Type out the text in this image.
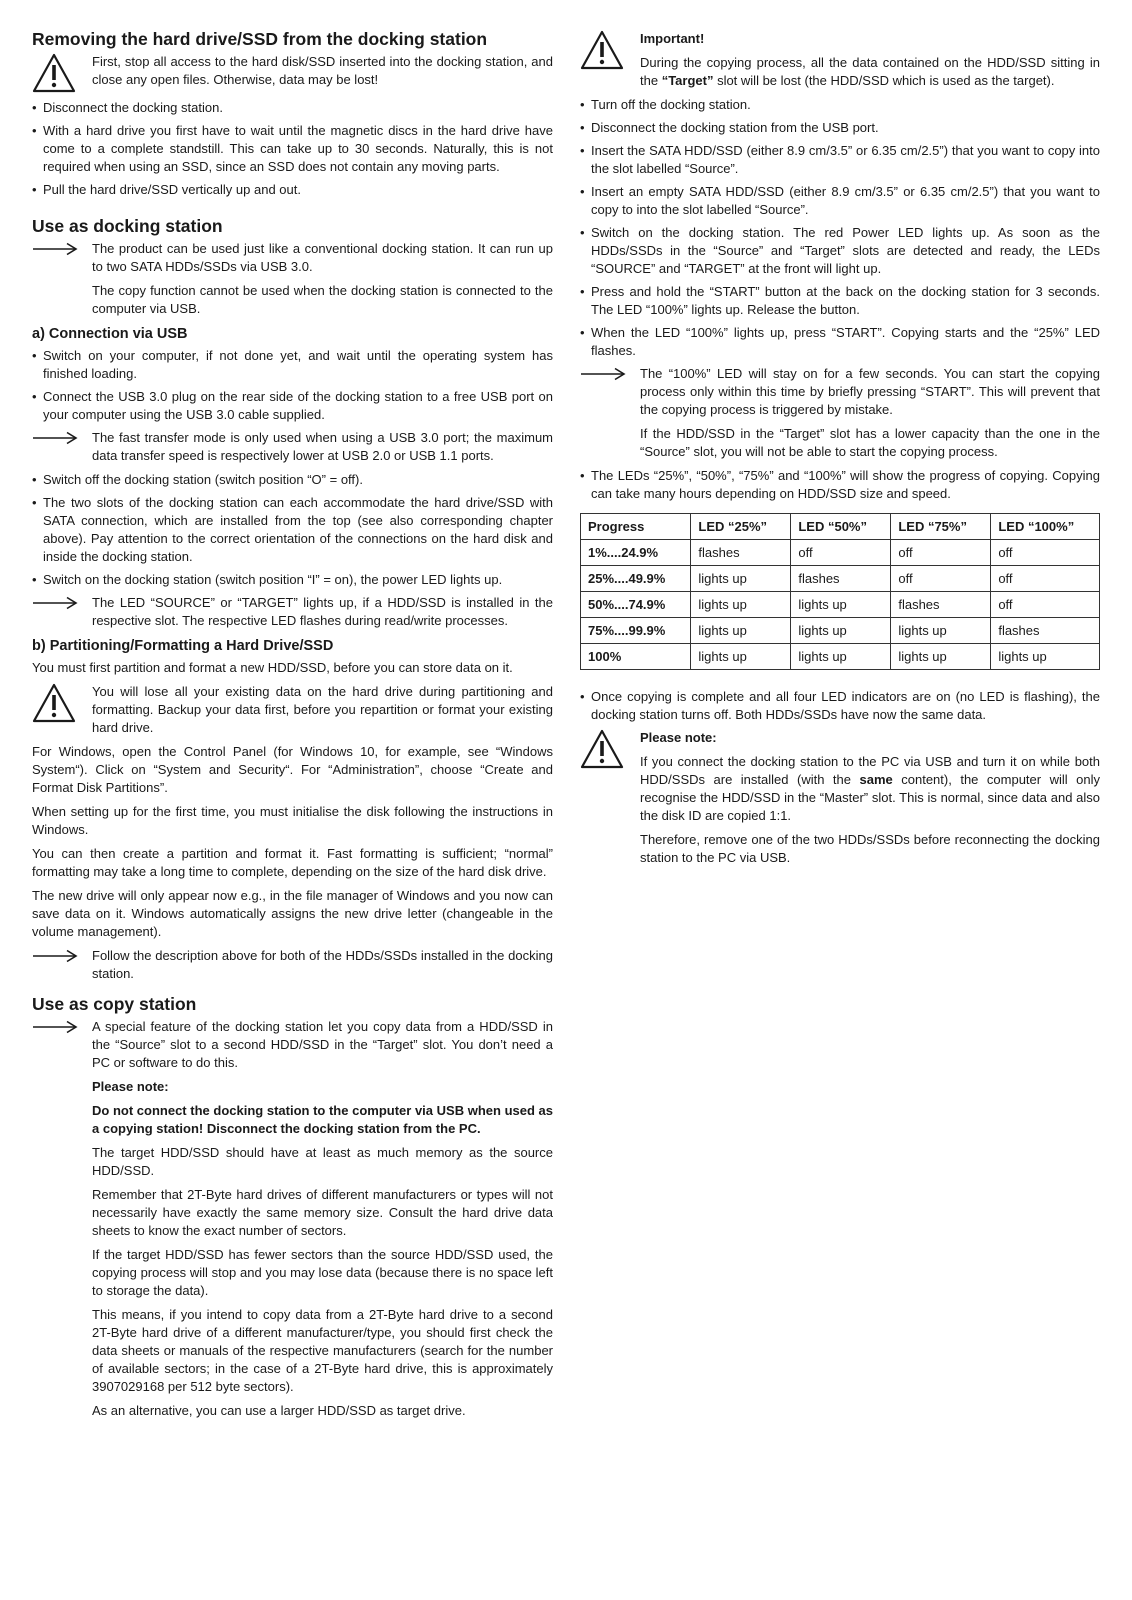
Removing the hard drive/SSD from the docking station

First, stop all access to the hard disk/SSD inserted into the docking station, and close any open files. Otherwise, data may be lost!

• Disconnect the docking station.
• With a hard drive you first have to wait until the magnetic discs in the hard drive have come to a complete standstill. This can take up to 30 seconds. Naturally, this is not required when using an SSD, since an SSD does not contain any moving parts.
• Pull the hard drive/SSD vertically up and out.
Use as docking station

The product can be used just like a conventional docking station. It can run up to two SATA HDDs/SSDs via USB 3.0.

The copy function cannot be used when the docking station is connected to the computer via USB.

a) Connection via USB
• Switch on your computer, if not done yet, and wait until the operating system has finished loading.
• Connect the USB 3.0 plug on the rear side of the docking station to a free USB port on your computer using the USB 3.0 cable supplied.

The fast transfer mode is only used when using a USB 3.0 port; the maximum data transfer speed is respectively lower at USB 2.0 or USB 1.1 ports.

• Switch off the docking station (switch position “O” = off).
• The two slots of the docking station can each accommodate the hard drive/SSD with SATA connection, which are installed from the top (see also corresponding chapter above). Pay attention to the correct orientation of the connections on the hard disk and inside the docking station.
• Switch on the docking station (switch position “I” = on), the power LED lights up.

The LED “SOURCE” or “TARGET” lights up, if a HDD/SSD is installed in the respective slot. The respective LED flashes during read/write processes.

b) Partitioning/Formatting a Hard Drive/SSD

You must first partition and format a new HDD/SSD, before you can store data on it.

You will lose all your existing data on the hard drive during partitioning and formatting. Backup your data first, before you repartition or format your existing hard drive.

For Windows, open the Control Panel (for Windows 10, for example, see “Windows System“). Click on “System and Security“. For “Administration”, choose “Create and Format Disk Partitions”.

When setting up for the first time, you must initialise the disk following the instructions in Windows.

You can then create a partition and format it. Fast formatting is sufficient; “normal” formatting may take a long time to complete, depending on the size of the hard disk drive.

The new drive will only appear now e.g., in the file manager of Windows and you now can save data on it. Windows automatically assigns the new drive letter (changeable in the volume management).

Follow the description above for both of the HDDs/SSDs installed in the docking station.

Use as copy station

A special feature of the docking station let you copy data from a HDD/SSD in the “Source” slot to a second HDD/SSD in the “Target” slot. You don’t need a PC or software to do this.

Please note:

Do not connect the docking station to the computer via USB when used as a copying station! Disconnect the docking station from the PC.

The target HDD/SSD should have at least as much memory as the source HDD/SSD.

Remember that 2T-Byte hard drives of different manufacturers or types will not necessarily have exactly the same memory size. Consult the hard drive data sheets to know the exact number of sectors.

If the target HDD/SSD has fewer sectors than the source HDD/SSD used, the copying process will stop and you may lose data (because there is no space left to storage the data).

This means, if you intend to copy data from a 2T-Byte hard drive to a second 2T-Byte hard drive of a different manufacturer/type, you should first check the data sheets or manuals of the respective manufacturers (search for the number of available sectors; in the case of a 2T-Byte hard drive, this is approximately 3907029168 per 512 byte sectors).

As an alternative, you can use a larger HDD/SSD as target drive.

Important!

During the copying process, all the data contained on the HDD/SSD sitting in the “Target” slot will be lost (the HDD/SSD which is used as the target).

• Turn off the docking station.
• Disconnect the docking station from the USB port.
• Insert the SATA HDD/SSD (either 8.9 cm/3.5” or 6.35 cm/2.5”) that you want to copy into the slot labelled “Source”.
• Insert an empty SATA HDD/SSD (either 8.9 cm/3.5” or 6.35 cm/2.5”) that you want to copy to into the slot labelled “Source”.
• Switch on the docking station. The red Power LED lights up. As soon as the HDDs/SSDs in the “Source” and “Target” slots are detected and ready, the LEDs “SOURCE” and “TARGET” at the front will light up.
• Press and hold the “START” button at the back on the docking station for 3 seconds. The LED “100%” lights up. Release the button.
• When the LED “100%” lights up, press “START”. Copying starts and the “25%” LED flashes.

The “100%” LED will stay on for a few seconds. You can start the copying process only within this time by briefly pressing “START”. This will prevent that the copying process is triggered by mistake.

If the HDD/SSD in the “Target” slot has a lower capacity than the one in the “Source” slot, you will not be able to start the copying process.

• The LEDs “25%”, “50%”, “75%” and “100%” will show the progress of copying. Copying can take many hours depending on HDD/SSD size and speed.
Progress	LED “25%”	LED “50%”	LED “75%”	LED “100%”
1%....24.9%	flashes	off	off	off
25%....49.9%	lights up	flashes	off	off
50%....74.9%	lights up	lights up	flashes	off
75%....99.9%	lights up	lights up	lights up	flashes
100%	lights up	lights up	lights up	lights up
• Once copying is complete and all four LED indicators are on (no LED is flashing), the docking station turns off. Both HDDs/SSDs have now the same data.

Please note:

If you connect the docking station to the PC via USB and turn it on while both HDD/SSDs are installed (with the same content), the computer will only recognise the HDD/SSD in the “Master” slot. This is normal, since data and also the disk ID are copied 1:1.

Therefore, remove one of the two HDDs/SSDs before reconnecting the docking station to the PC via USB.
